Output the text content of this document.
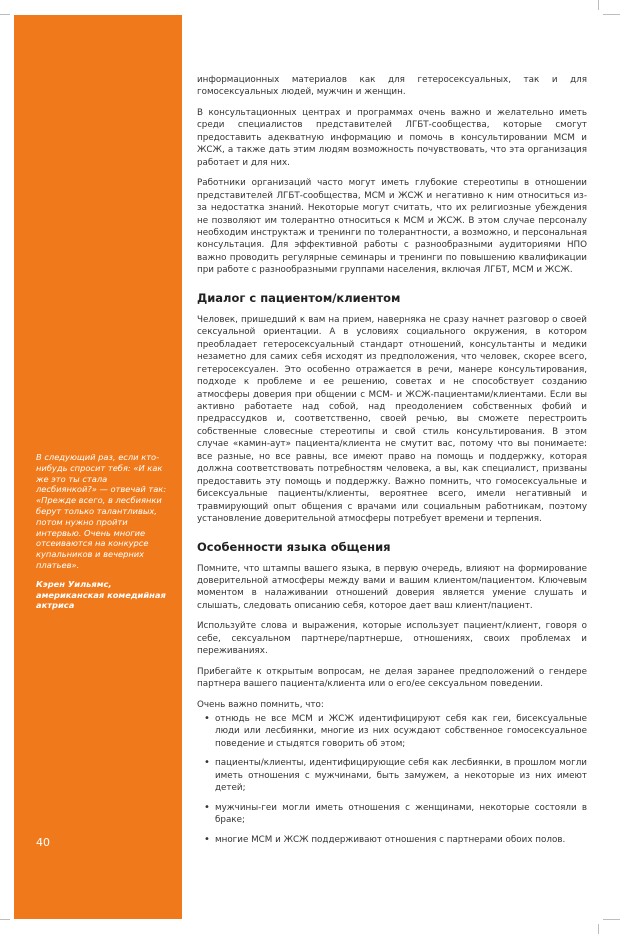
В следующий раз, если кто-нибудь спросит тебя: «И как же это ты стала лесбиянкой?» — отвечай так: «Прежде всего, в лесбиянки берут только талантливых, потом нужно пройти интервью. Очень многие отсеиваются на конкурсе купальников и вечерних платьев».
Кэрен Уильямс, американская комедийная актриса
40

информационных материалов как для гетеросексуальных, так и для гомосексуальных людей, мужчин и женщин.

В консультационных центрах и программах очень важно и желательно иметь среди специалистов представителей ЛГБТ-сообщества, которые смогут предоставить адекватную информацию и помочь в консультировании МСМ и ЖСЖ, а также дать этим людям возможность почувствовать, что эта организация работает и для них.

Работники организаций часто могут иметь глубокие стереотипы в отношении представителей ЛГБТ-сообщества, МСМ и ЖСЖ и негативно к ним относиться из-за недостатка знаний. Некоторые могут считать, что их религиозные убеждения не позволяют им толерантно относиться к МСМ и ЖСЖ. В этом случае персоналу необходим инструктаж и тренинги по толерантности, а возможно, и персональная консультация. Для эффективной работы с разнообразными аудиториями НПО важно проводить регулярные семинары и тренинги по повышению квалификации при работе с разнообразными группами населения, включая ЛГБТ, МСМ и ЖСЖ.

Диалог с пациентом/клиентом

Человек, пришедший к вам на прием, наверняка не сразу начнет разговор о своей сексуальной ориентации. А в условиях социального окружения, в котором преобладает гетеросексуальный стандарт отношений, консультанты и медики незаметно для самих себя исходят из предположения, что человек, скорее всего, гетеросексуален. Это особенно отражается в речи, манере консультирования, подходе к проблеме и ее решению, советах и не способствует созданию атмосферы доверия при общении с МСМ- и ЖСЖ-пациентами/клиентами. Если вы активно работаете над собой, над преодолением собственных фобий и предрассудков и, соответственно, своей речью, вы сможете перестроить собственные словесные стереотипы и свой стиль консультирования. В этом случае «камин-аут» пациента/клиента не смутит вас, потому что вы понимаете: все разные, но все равны, все имеют право на помощь и поддержку, которая должна соответствовать потребностям человека, а вы, как специалист, призваны предоставить эту помощь и поддержку. Важно помнить, что гомосексуальные и бисексуальные пациенты/клиенты, вероятнее всего, имели негативный и травмирующий опыт общения с врачами или социальным работникам, поэтому установление доверительной атмосферы потребует времени и терпения.

Особенности языка общения

Помните, что штампы вашего языка, в первую очередь, влияют на формирование доверительной атмосферы между вами и вашим клиентом/пациентом. Ключевым моментом в налаживании отношений доверия является умение слушать и слышать, следовать описанию себя, которое дает ваш клиент/пациент.

Используйте слова и выражения, которые использует пациент/клиент, говоря о себе, сексуальном партнере/партнерше, отношениях, своих проблемах и переживаниях.

Прибегайте к открытым вопросам, не делая заранее предположений о гендере партнера вашего пациента/клиента или о его/ее сексуальном поведении.

Очень важно помнить, что:

• отнюдь не все МСМ и ЖСЖ идентифицируют себя как геи, бисексуальные люди или лесбиянки, многие из них осуждают собственное гомосексуальное поведение и стыдятся говорить об этом;
• пациенты/клиенты, идентифицирующие себя как лесбиянки, в прошлом могли иметь отношения с мужчинами, быть замужем, а некоторые из них имеют детей;
• мужчины-геи могли иметь отношения с женщинами, некоторые состояли в браке;
• многие МСМ и ЖСЖ поддерживают отношения с партнерами обоих полов.
